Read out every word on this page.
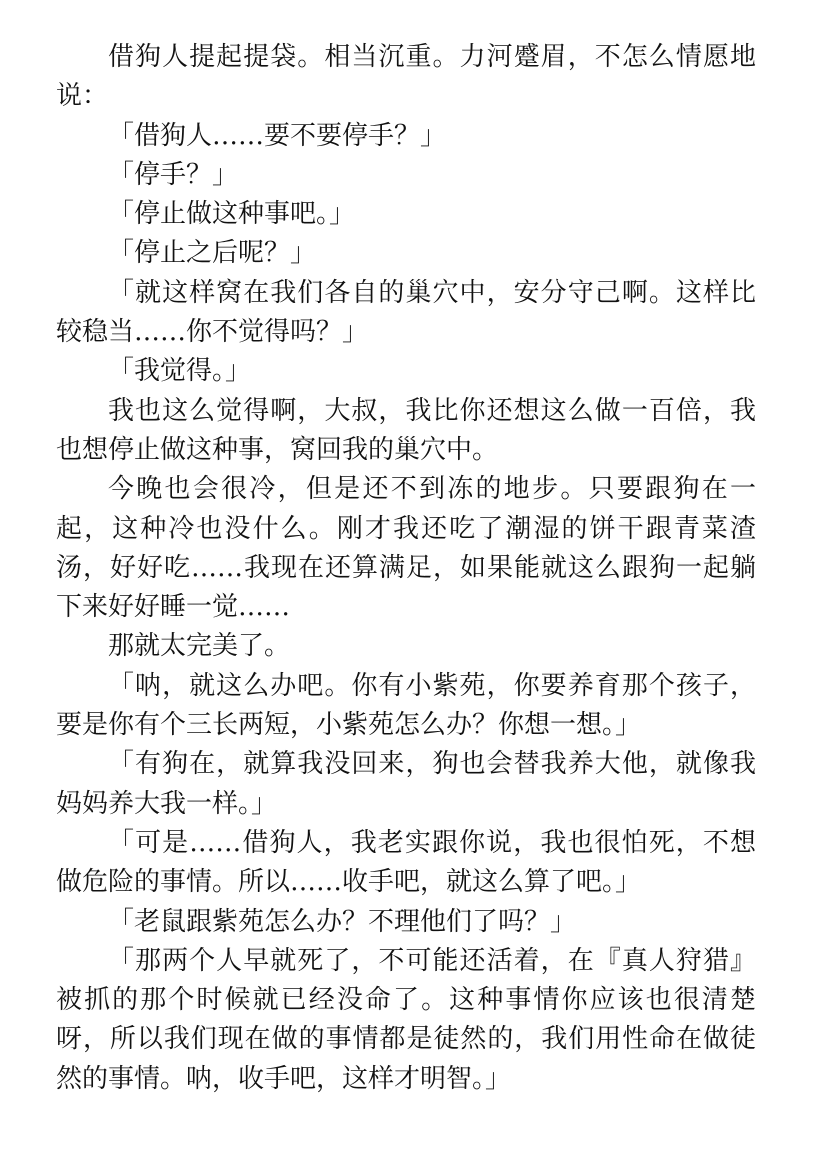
借狗人提起提袋。相当沉重。力河蹙眉，不怎么情愿地说：

「借狗人……要不要停手？」

「停手？」

「停止做这种事吧。」

「停止之后呢？」

「就这样窝在我们各自的巢穴中，安分守己啊。这样比较稳当……你不觉得吗？」

「我觉得。」

我也这么觉得啊，大叔，我比你还想这么做一百倍，我也想停止做这种事，窝回我的巢穴中。

今晚也会很冷，但是还不到冻的地步。只要跟狗在一起，这种冷也没什么。刚才我还吃了潮湿的饼干跟青菜渣汤，好好吃……我现在还算满足，如果能就这么跟狗一起躺下来好好睡一觉……

那就太完美了。

「呐，就这么办吧。你有小紫苑，你要养育那个孩子，要是你有个三长两短，小紫苑怎么办？你想一想。」

「有狗在，就算我没回来，狗也会替我养大他，就像我妈妈养大我一样。」

「可是……借狗人，我老实跟你说，我也很怕死，不想做危险的事情。所以……收手吧，就这么算了吧。」

「老鼠跟紫苑怎么办？不理他们了吗？」

「那两个人早就死了，不可能还活着，在『真人狩猎』被抓的那个时候就已经没命了。这种事情你应该也很清楚呀，所以我们现在做的事情都是徒然的，我们用性命在做徒然的事情。呐，收手吧，这样才明智。」
